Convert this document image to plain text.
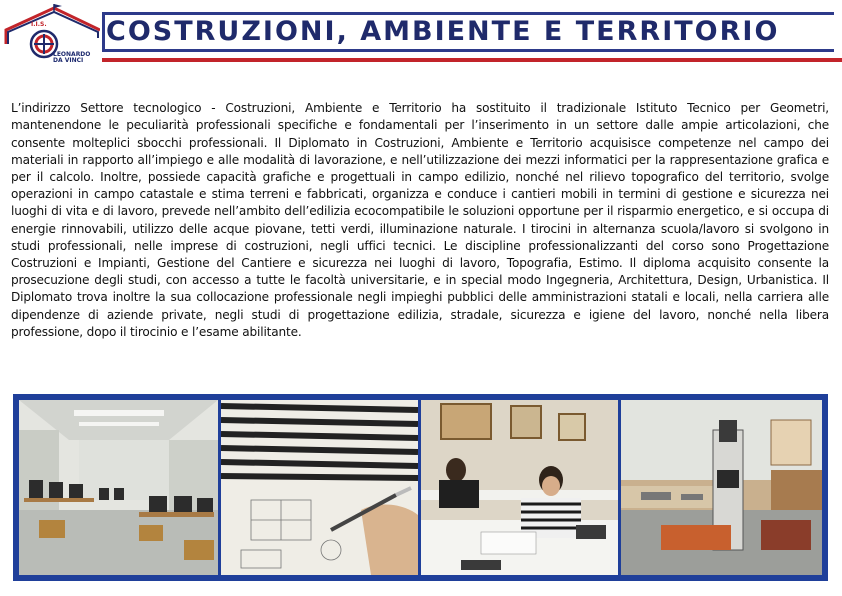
I.I.S.
LEONARDO
DA VINCI
COSTRUZIONI, AMBIENTE E TERRITORIO

L’indirizzo Settore tecnologico - Costruzioni, Ambiente e Territorio ha sostituito il tradizionale Istituto Tecnico per Geometri, mantenendone le peculiarità professionali specifiche e fondamentali per l’inserimento in un settore dalle ampie articolazioni, che consente molteplici sbocchi professionali. Il Diplomato in Costruzioni, Ambiente e Territorio acquisisce competenze nel campo dei materiali in rapporto all’impiego e alle modalità di lavorazione, e nell’utilizzazione dei mezzi informatici per la rappresentazione grafica e per il calcolo. Inoltre, possiede capacità grafiche e progettuali in campo edilizio, nonché nel rilievo topografico del territorio, svolge operazioni in campo catastale e stima terreni e fabbricati, organizza e conduce i cantieri mobili in termini di gestione e sicurezza nei luoghi di vita e di lavoro, prevede nell’ambito dell’edilizia ecocompatibile le soluzioni opportune per il risparmio energetico, e si occupa di energie rinnovabili, utilizzo delle acque piovane, tetti verdi, illuminazione naturale. I tirocini in alternanza scuola/lavoro si svolgono in studi professionali, nelle imprese di costruzioni, negli uffici tecnici. Le discipline professionalizzanti del corso sono Progettazione Costruzioni e Impianti, Gestione del Cantiere e sicurezza nei luoghi di lavoro, Topografia, Estimo. Il diploma acquisito consente la prosecuzione degli studi, con accesso a tutte le facoltà universitarie, e in special modo Ingegneria, Architettura, Design, Urbanistica. Il Diplomato trova inoltre la sua collocazione professionale negli impieghi pubblici delle amministrazioni statali e locali, nella carriera alle dipendenze di aziende private, negli studi di progettazione edilizia, stradale, sicurezza e igiene del lavoro, nonché nella libera professione, dopo il tirocinio e l’esame abilitante.
